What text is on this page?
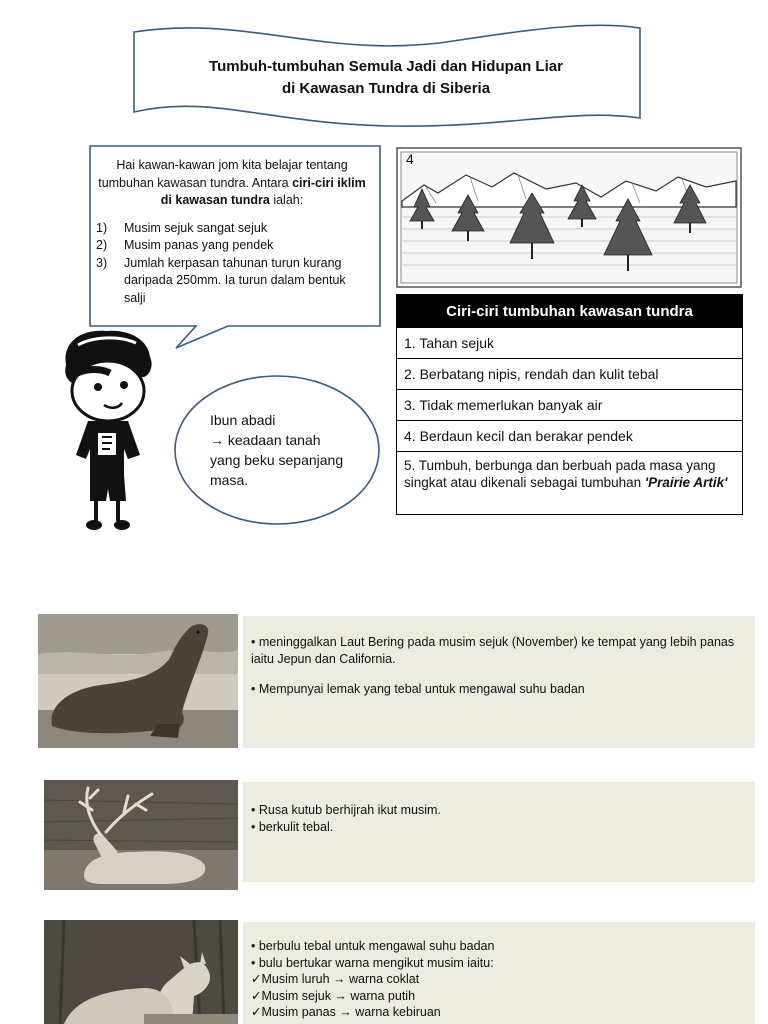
Tumbuh-tumbuhan Semula Jadi dan Hidupan Liar
di Kawasan Tundra di Siberia
Hai kawan-kawan jom kita belajar tentang tumbuhan kawasan tundra. Antara ciri-ciri iklim di kawasan tundra ialah:
1)	Musim sejuk sangat sejuk
2)	Musim panas yang pendek
3)	Jumlah kerpasan tahunan turun kurang daripada 250mm. Ia turun dalam bentuk salji
Ibun abadi
→ keadaan tanah yang beku sepanjang masa.
4
Ciri-ciri tumbuhan kawasan tundra
1. Tahan sejuk
2. Berbatang nipis, rendah dan kulit tebal
3. Tidak memerlukan banyak air
4. Berdaun kecil dan berakar pendek
5. Tumbuh, berbunga dan berbuah pada masa yang singkat atau dikenali sebagai tumbuhan 'Prairie Artik'

• meninggalkan Laut Bering pada musim sejuk (November) ke tempat yang lebih panas iaitu Jepun dan California.

• Mempunyai lemak yang tebal untuk mengawal suhu badan

• Rusa kutub berhijrah ikut musim.

• berkulit tebal.

• berbulu tebal untuk mengawal suhu badan

• bulu bertukar warna mengikut musim iaitu:

✓Musim luruh → warna coklat

✓Musim sejuk → warna putih

✓Musim panas → warna kebiruan
